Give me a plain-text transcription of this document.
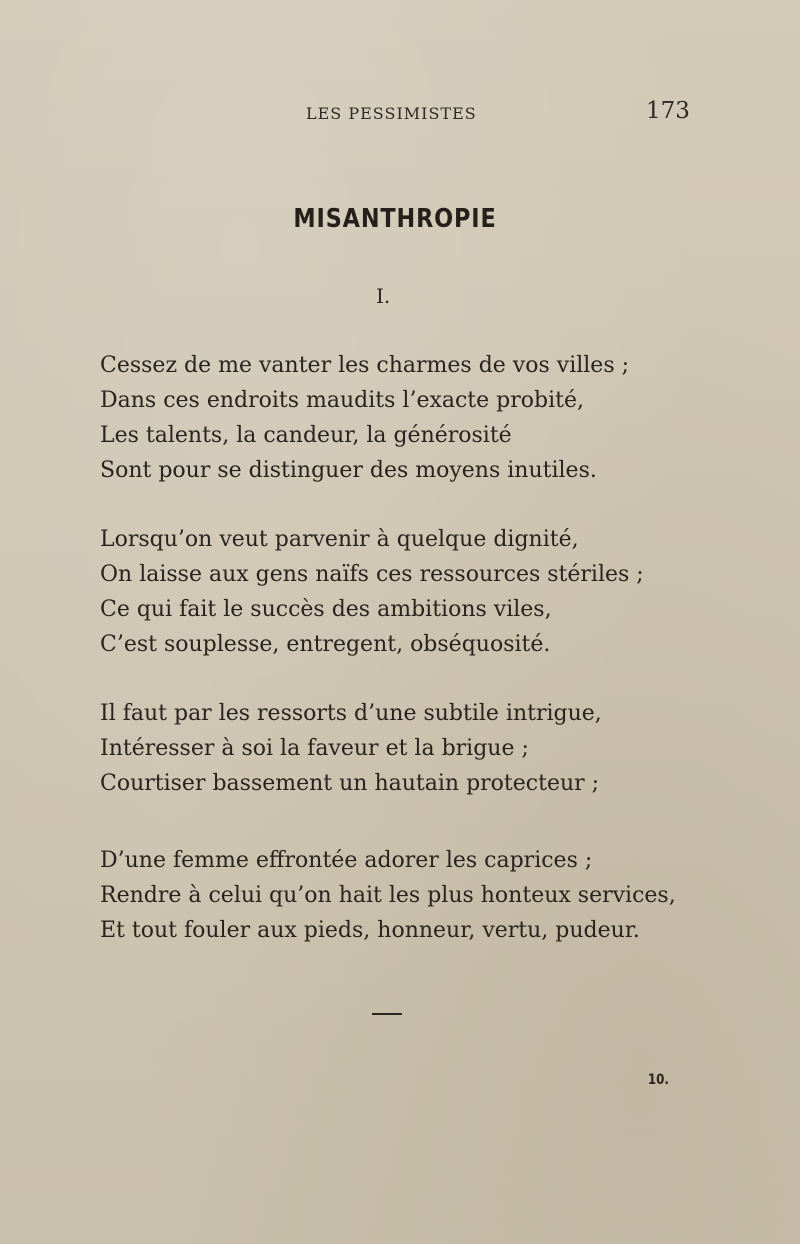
LES PESSIMISTES	173
MISANTHROPIE
I.
Cessez de me vanter les charmes de vos villes ;
Dans ces endroits maudits l’exacte probité,
Les talents, la candeur, la générosité
Sont pour se distinguer des moyens inutiles.
Lorsqu’on veut parvenir à quelque dignité,
On laisse aux gens naïfs ces ressources stériles ;
Ce qui fait le succès des ambitions viles,
C’est souplesse, entregent, obséquosité.
Il faut par les ressorts d’une subtile intrigue,
Intéresser à soi la faveur et la brigue ;
Courtiser bassement un hautain protecteur ;
D’une femme effrontée adorer les caprices ;
Rendre à celui qu’on hait les plus honteux services,
Et tout fouler aux pieds, honneur, vertu, pudeur.
10.
